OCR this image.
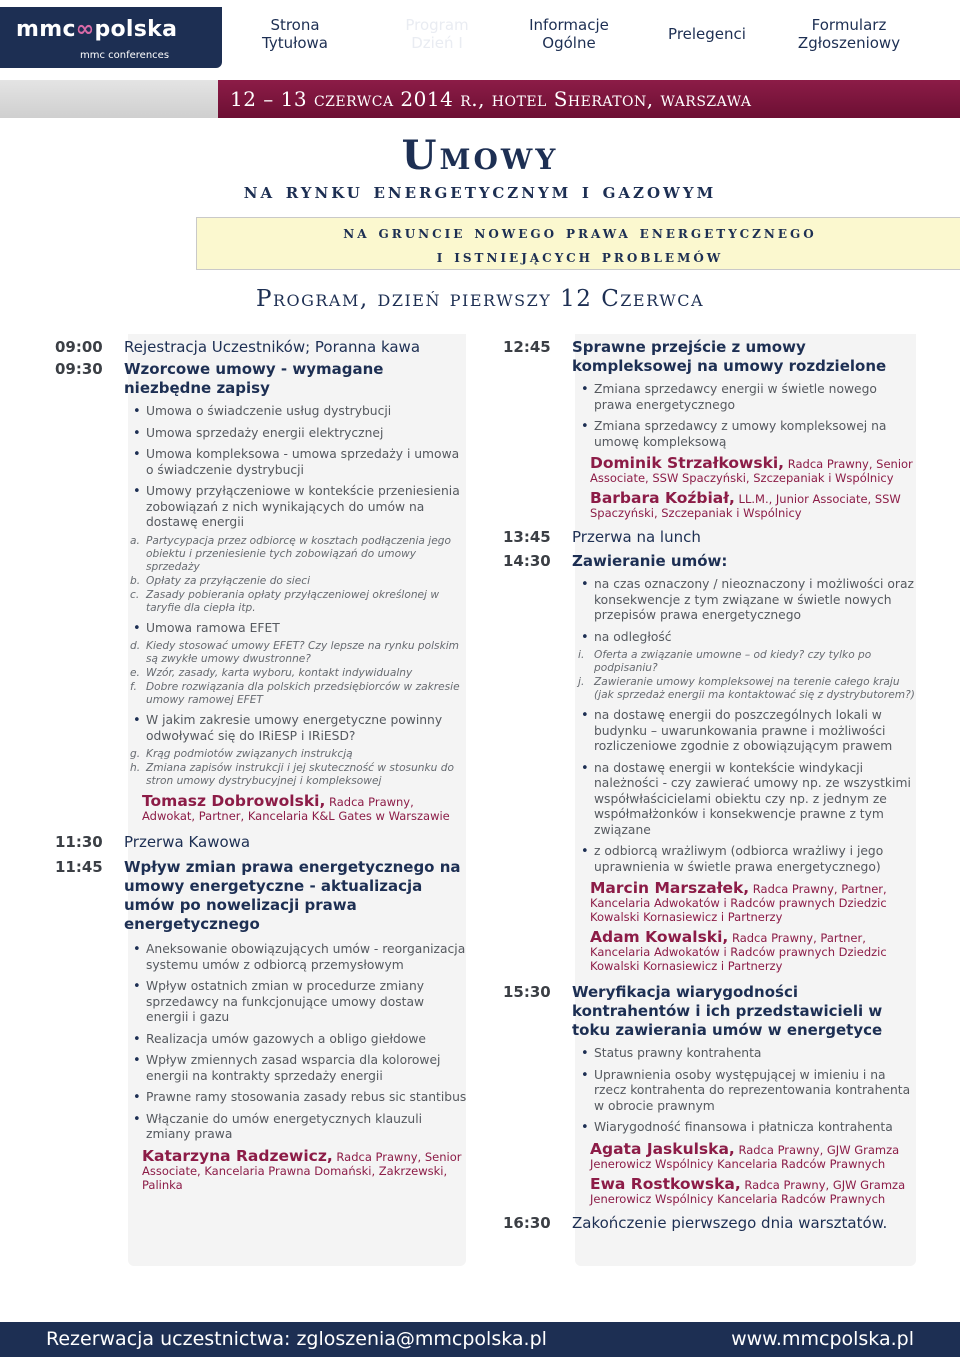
mmc∞polska
mmc conferences
Strona
Tytułowa
Program
Dzień I
Informacje
Ogólne	Prelegenci	Formularz
Zgłoszeniowy
12 – 13 czerwca 2014 r., hotel Sheraton, warszawa
Umowy
na rynku energetycznym i gazowym
na gruncie nowego prawa energetycznego
i istniejących problemów
Program, dzień pierwszy 12 Czerwca
09:00	Rejestracja Uczestników; Poranna kawa
09:30	Wzorcowe umowy - wymagane niezbędne zapisy
• Umowa o świadczenie usług dystrybucji
• Umowa sprzedaży energii elektrycznej
• Umowa kompleksowa - umowa sprzedaży i umowa o świadczenie dystrybucji
• Umowy przyłączeniowe w kontekście przeniesienia zobowiązań z nich wynikających do umów na dostawę energii
a. Partycypacja przez odbiorcę w kosztach podłączenia jego obiektu i przeniesienie tych zobowiązań do umowy sprzedaży
b. Opłaty za przyłączenie do sieci
c. Zasady pobierania opłaty przyłączeniowej określonej w taryfie dla ciepła itp.
• Umowa ramowa EFET
d. Kiedy stosować umowy EFET? Czy lepsze na rynku polskim są zwykłe umowy dwustronne?
e. Wzór, zasady, karta wyboru, kontakt indywidualny
f. Dobre rozwiązania dla polskich przedsiębiorców w zakresie umowy ramowej EFET
• W jakim zakresie umowy energetyczne powinny odwoływać się do IRiESP i IRiESD?
g. Krąg podmiotów związanych instrukcją
h. Zmiana zapisów instrukcji i jej skuteczność w stosunku do stron umowy dystrybucyjnej i kompleksowej
Tomasz Dobrowolski, Radca Prawny, Adwokat, Partner, Kancelaria K&L Gates w Warszawie
11:30	Przerwa Kawowa
11:45	Wpływ zmian prawa energetycznego na umowy energetyczne - aktualizacja umów po nowelizacji prawa energetycznego
• Aneksowanie obowiązujących umów - reorganizacja systemu umów z odbiorcą przemysłowym
• Wpływ ostatnich zmian w procedurze zmiany sprzedawcy na funkcjonujące umowy dostaw energii i gazu
• Realizacja umów gazowych a obligo giełdowe
• Wpływ zmiennych zasad wsparcia dla kolorowej energii na kontrakty sprzedaży energii
• Prawne ramy stosowania zasady rebus sic stantibus
• Włączanie do umów energetycznych klauzuli zmiany prawa
Katarzyna Radzewicz, Radca Prawny, Senior Associate, Kancelaria Prawna Domański, Zakrzewski, Palinka
12:45	Sprawne przejście z umowy kompleksowej na umowy rozdzielone
• Zmiana sprzedawcy energii w świetle nowego prawa energetycznego
• Zmiana sprzedawcy z umowy kompleksowej na umowę kompleksową
Dominik Strzałkowski, Radca Prawny, Senior Associate, SSW Spaczyński, Szczepaniak i Wspólnicy
Barbara Koźbiał, LL.M., Junior Associate, SSW Spaczyński, Szczepaniak i Wspólnicy
13:45	Przerwa na lunch
14:30	Zawieranie umów:
• na czas oznaczony / nieoznaczony i możliwości oraz konsekwencje z tym związane w świetle nowych przepisów prawa energetycznego
• na odległość
i. Oferta a związanie umowne – od kiedy? czy tylko po podpisaniu?
j. Zawieranie umowy kompleksowej na terenie całego kraju (jak sprzedaż energii ma kontaktować się z dystrybutorem?)
• na dostawę energii do poszczególnych lokali w budynku – uwarunkowania prawne i możliwości rozliczeniowe zgodnie z obowiązującym prawem
• na dostawę energii w kontekście windykacji należności - czy zawierać umowy np. ze wszystkimi współwłaścicielami obiektu czy np. z jednym ze współmałżonków i konsekwencje prawne z tym związane
• z odbiorcą wrażliwym (odbiorca wrażliwy i jego uprawnienia w świetle prawa energetycznego)
Marcin Marszałek, Radca Prawny, Partner, Kancelaria Adwokatów i Radców prawnych Dziedzic Kowalski Kornasiewicz i Partnerzy
Adam Kowalski, Radca Prawny, Partner, Kancelaria Adwokatów i Radców prawnych Dziedzic Kowalski Kornasiewicz i Partnerzy
15:30	Weryfikacja wiarygodności kontrahentów i ich przedstawicieli w toku zawierania umów w energetyce
• Status prawny kontrahenta
• Uprawnienia osoby występującej w imieniu i na rzecz kontrahenta do reprezentowania kontrahenta w obrocie prawnym
• Wiarygodność finansowa i płatnicza kontrahenta
Agata Jaskulska, Radca Prawny, GJW Gramza Jenerowicz Wspólnicy Kancelaria Radców Prawnych
Ewa Rostkowska, Radca Prawny, GJW Gramza Jenerowicz Wspólnicy Kancelaria Radców Prawnych
16:30	Zakończenie pierwszego dnia warsztatów.
Rezerwacja uczestnictwa: zgloszenia@mmcpolska.pl	www.mmcpolska.pl
